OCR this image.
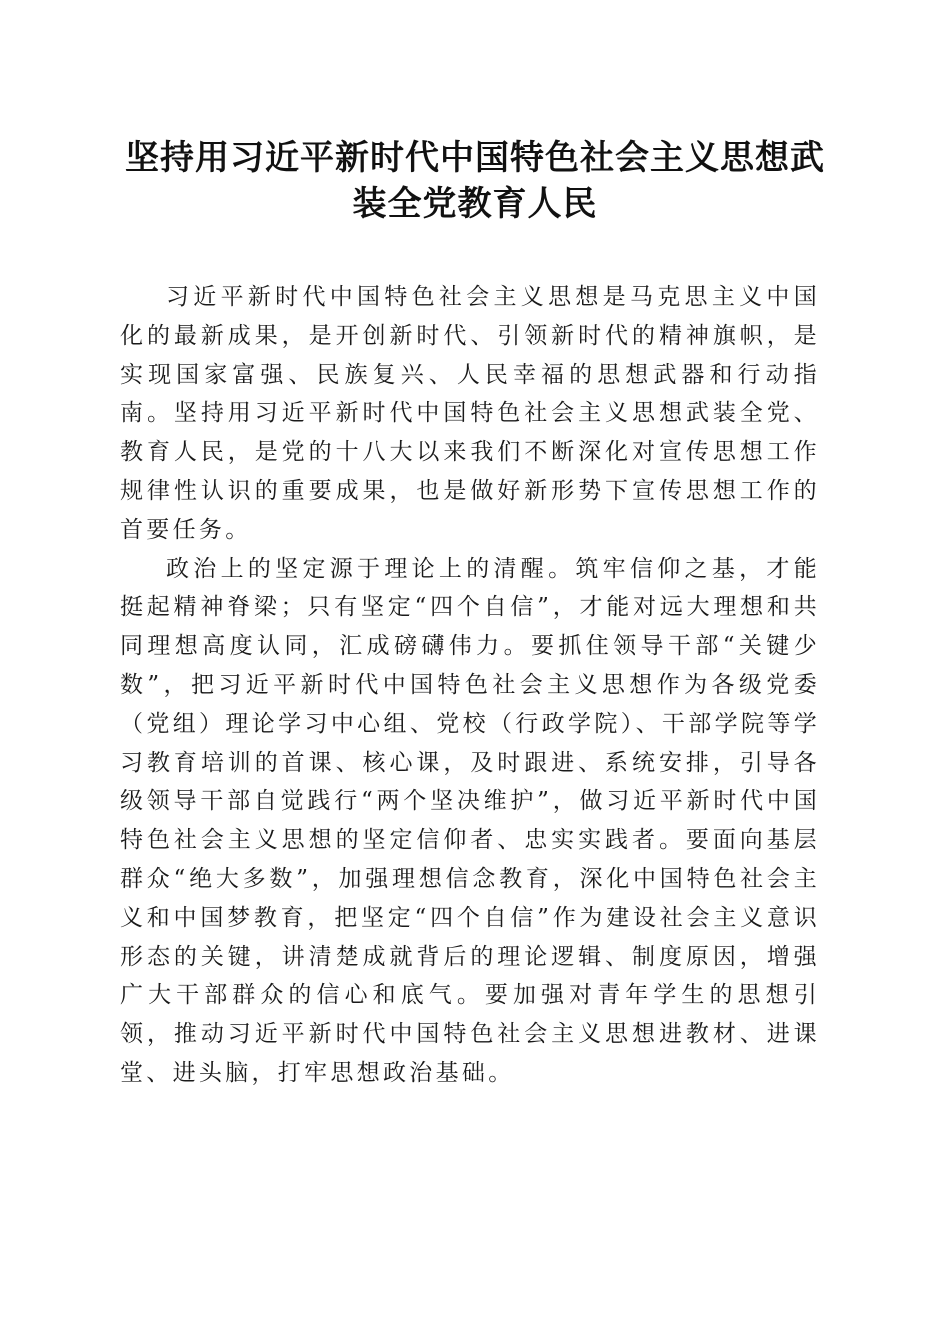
坚持用习近平新时代中国特色社会主义思想武装全党教育人民

习近平新时代中国特色社会主义思想是马克思主义中国化的最新成果，是开创新时代、引领新时代的精神旗帜，是实现国家富强、民族复兴、人民幸福的思想武器和行动指南。坚持用习近平新时代中国特色社会主义思想武装全党、教育人民，是党的十八大以来我们不断深化对宣传思想工作规律性认识的重要成果，也是做好新形势下宣传思想工作的首要任务。

政治上的坚定源于理论上的清醒。筑牢信仰之基，才能挺起精神脊梁；只有坚定“四个自信”，才能对远大理想和共同理想高度认同，汇成磅礴伟力。要抓住领导干部“关键少数”，把习近平新时代中国特色社会主义思想作为各级党委（党组）理论学习中心组、党校（行政学院）、干部学院等学习教育培训的首课、核心课，及时跟进、系统安排，引导各级领导干部自觉践行“两个坚决维护”，做习近平新时代中国特色社会主义思想的坚定信仰者、忠实实践者。要面向基层群众“绝大多数”，加强理想信念教育，深化中国特色社会主义和中国梦教育，把坚定“四个自信”作为建设社会主义意识形态的关键，讲清楚成就背后的理论逻辑、制度原因，增强广大干部群众的信心和底气。要加强对青年学生的思想引领，推动习近平新时代中国特色社会主义思想进教材、进课堂、进头脑，打牢思想政治基础。
